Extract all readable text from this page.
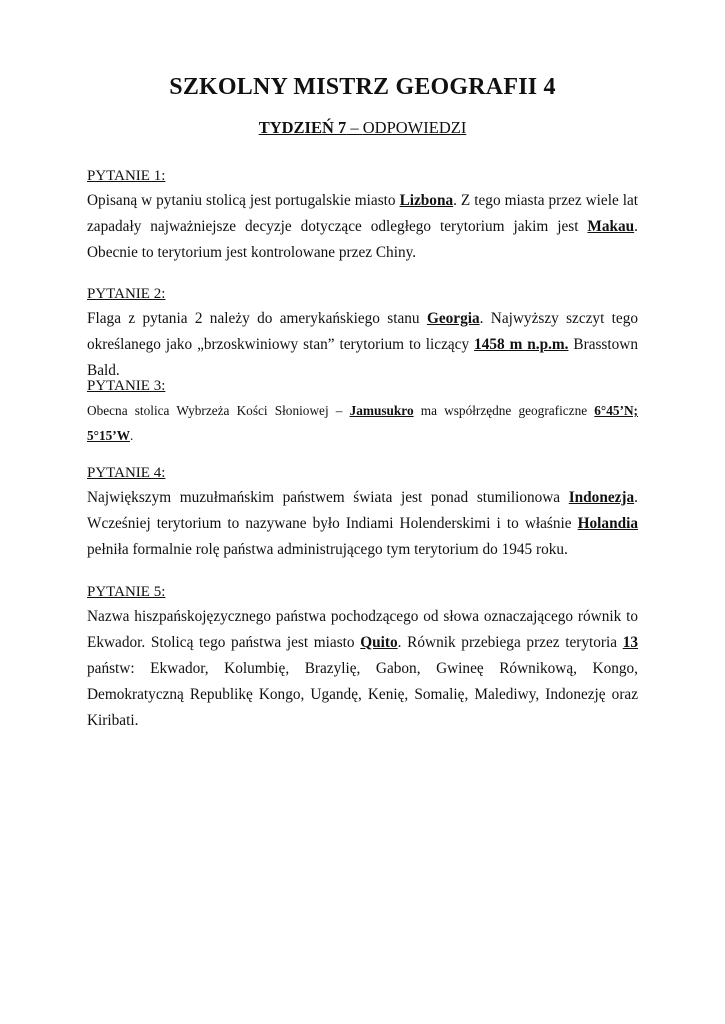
SZKOLNY MISTRZ GEOGRAFII 4
TYDZIEŃ 7 – ODPOWIEDZI
PYTANIE 1:
Opisaną w pytaniu stolicą jest portugalskie miasto Lizbona. Z tego miasta przez wiele lat zapadały najważniejsze decyzje dotyczące odległego terytorium jakim jest Makau. Obecnie to terytorium jest kontrolowane przez Chiny.
PYTANIE 2:
Flaga z pytania 2 należy do amerykańskiego stanu Georgia. Najwyższy szczyt tego określanego jako „brzoskwiniowy stan” terytorium to liczący 1458 m n.p.m. Brasstown Bald.
PYTANIE 3:
Obecna stolica Wybrzeża Kości Słoniowej – Jamusukro ma współrzędne geograficzne 6°45’N; 5°15’W.
PYTANIE 4:
Największym muzułmańskim państwem świata jest ponad stumilionowa Indonezja. Wcześniej terytorium to nazywane było Indiami Holenderskimi i to właśnie Holandia pełniła formalnie rolę państwa administrującego tym terytorium do 1945 roku.
PYTANIE 5:
Nazwa hiszpańskojęzycznego państwa pochodzącego od słowa oznaczającego równik to Ekwador. Stolicą tego państwa jest miasto Quito. Równik przebiega przez terytoria 13 państw: Ekwador, Kolumbię, Brazylię, Gabon, Gwineę Równikową, Kongo, Demokratyczną Republikę Kongo, Ugandę, Kenię, Somalię, Malediwy, Indonezję oraz Kiribati.
